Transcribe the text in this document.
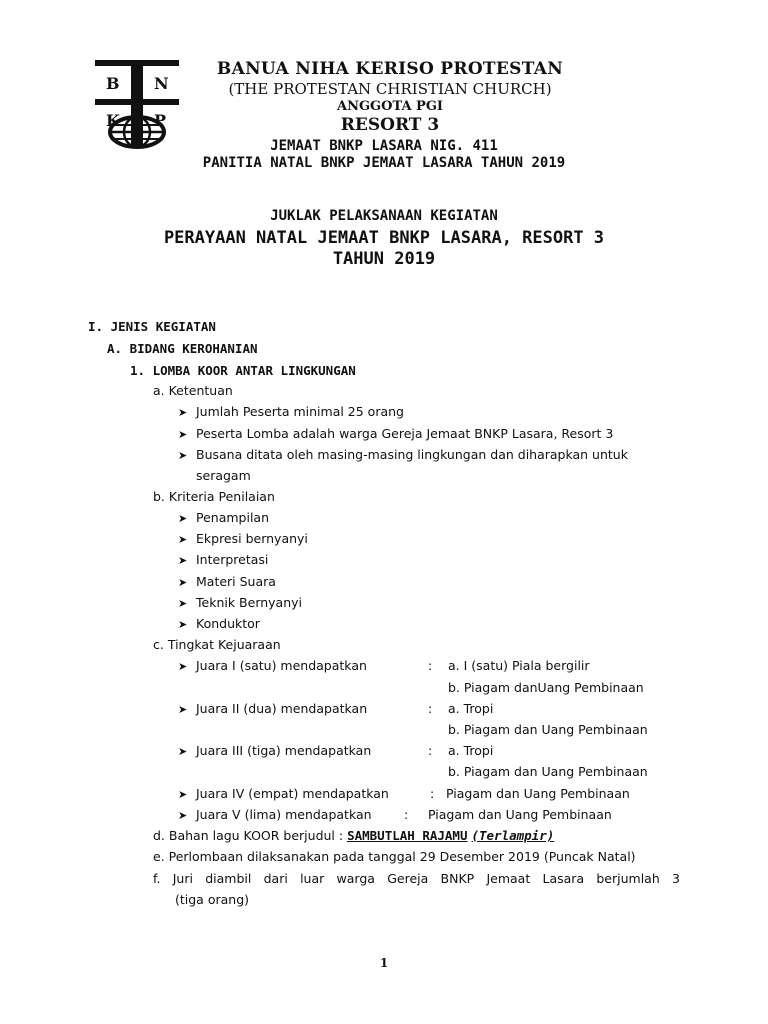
B N
K P
BANUA NIHA KERISO PROTESTAN
(THE PROTESTAN CHRISTIAN CHURCH)
ANGGOTA PGI
RESORT 3
JEMAAT BNKP LASARA NIG. 411
PANITIA NATAL BNKP JEMAAT LASARA TAHUN 2019
JUKLAK PELAKSANAAN KEGIATAN
PERAYAAN NATAL JEMAAT BNKP LASARA, RESORT 3
TAHUN 2019
I. JENIS KEGIATAN
A. BIDANG KEROHANIAN
1. LOMBA KOOR ANTAR LINGKUNGAN
a. Ketentuan
➤ Jumlah Peserta minimal 25 orang
➤ Peserta Lomba adalah warga Gereja Jemaat BNKP Lasara, Resort 3
➤ Busana ditata oleh masing-masing lingkungan dan diharapkan untuk
seragam
b. Kriteria Penilaian
➤ Penampilan
➤ Ekpresi bernyanyi
➤ Interpretasi
➤ Materi Suara
➤ Teknik Bernyanyi
➤ Konduktor
c. Tingkat Kejuaraan
➤ Juara I (satu) mendapatkan	: a. I (satu) Piala bergilir
b. Piagam danUang Pembinaan
➤ Juara II (dua) mendapatkan	: a. Tropi
b. Piagam dan Uang Pembinaan
➤ Juara III (tiga) mendapatkan	: a. Tropi
b. Piagam dan Uang Pembinaan
➤ Juara IV (empat) mendapatkan	: Piagam dan Uang Pembinaan
➤ Juara V (lima) mendapatkan	: Piagam dan Uang Pembinaan
d. Bahan lagu KOOR berjudul : SAMBUTLAH RAJAMU (Terlampir)
e. Perlombaan dilaksanakan pada tanggal 29 Desember 2019 (Puncak Natal)
f. Juri diambil dari luar warga Gereja BNKP Jemaat Lasara berjumlah 3
(tiga orang)
1
